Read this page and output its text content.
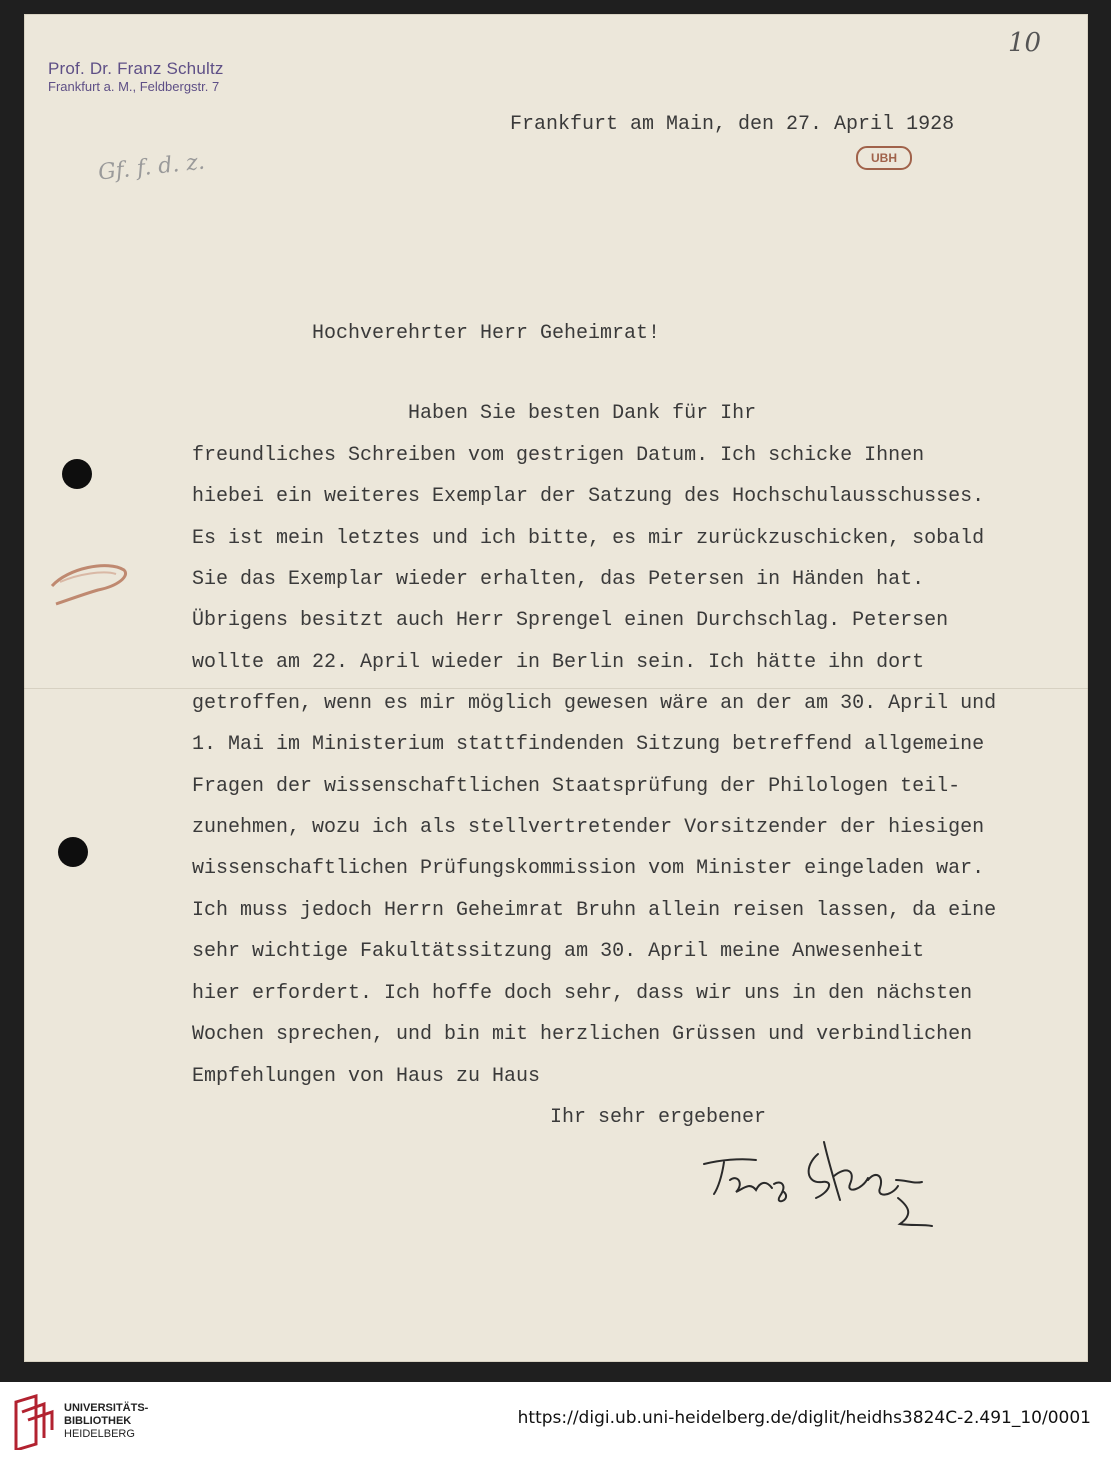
Prof. Dr. Franz Schultz
Frankfurt a. M., Feldbergstr. 7
10
Gf. f. d. z.
Frankfurt am Main, den 27. April 1928
UBH
Hochverehrter Herr Geheimrat!
Haben Sie besten Dank für Ihr
freundliches Schreiben vom gestrigen Datum. Ich schicke Ihnen
hiebei ein weiteres Exemplar der Satzung des Hochschulausschusses.
Es ist mein letztes und ich bitte, es mir zurückzuschicken, sobald
Sie das Exemplar wieder erhalten, das Petersen in Händen hat.
Übrigens besitzt auch Herr Sprengel einen Durchschlag. Petersen
wollte am 22. April wieder in Berlin sein. Ich hätte ihn dort
getroffen, wenn es mir möglich gewesen wäre an der am 30. April und
1. Mai im Ministerium stattfindenden Sitzung betreffend allgemeine
Fragen der wissenschaftlichen Staatsprüfung der Philologen teil-
zunehmen, wozu ich als stellvertretender Vorsitzender der hiesigen
wissenschaftlichen Prüfungskommission vom Minister eingeladen war.
Ich muss jedoch Herrn Geheimrat Bruhn allein reisen lassen, da eine
sehr wichtige Fakultätssitzung am 30. April meine Anwesenheit
hier erfordert. Ich hoffe doch sehr, dass wir uns in den nächsten
Wochen sprechen, und bin mit herzlichen Grüssen und verbindlichen
Empfehlungen von Haus zu Haus
Ihr sehr ergebener
UNIVERSITÄTS-
BIBLIOTHEK
HEIDELBERG
https://digi.ub.uni-heidelberg.de/diglit/heidhs3824C-2.491_10/0001
